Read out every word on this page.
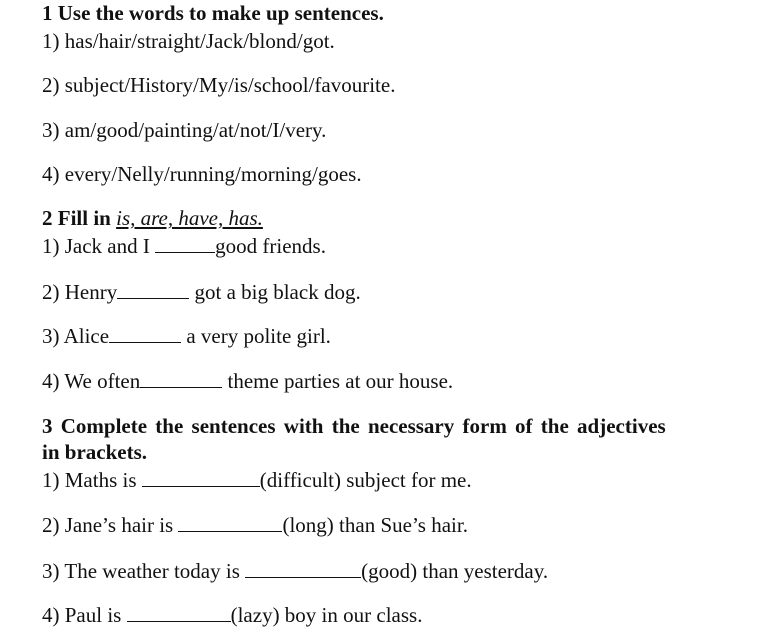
1 Use the words to make up sentences.
1) has/hair/straight/Jack/blond/got.
2) subject/History/My/is/school/favourite.
3) am/good/painting/at/not/I/very.
4) every/Nelly/running/morning/goes.
2 Fill in is, are, have, has.
1) Jack and I	good friends.
2) Henry	got a big black dog.
3) Alice	a very polite girl.
4) We often	theme parties at our house.
3 Complete the sentences with the necessary form of the adjectives
in brackets.
1) Maths is	(difficult) subject for me.
2) Jane’s hair is	(long) than Sue’s hair.
3) The weather today is	(good) than yesterday.
4) Paul is	(lazy) boy in our class.
